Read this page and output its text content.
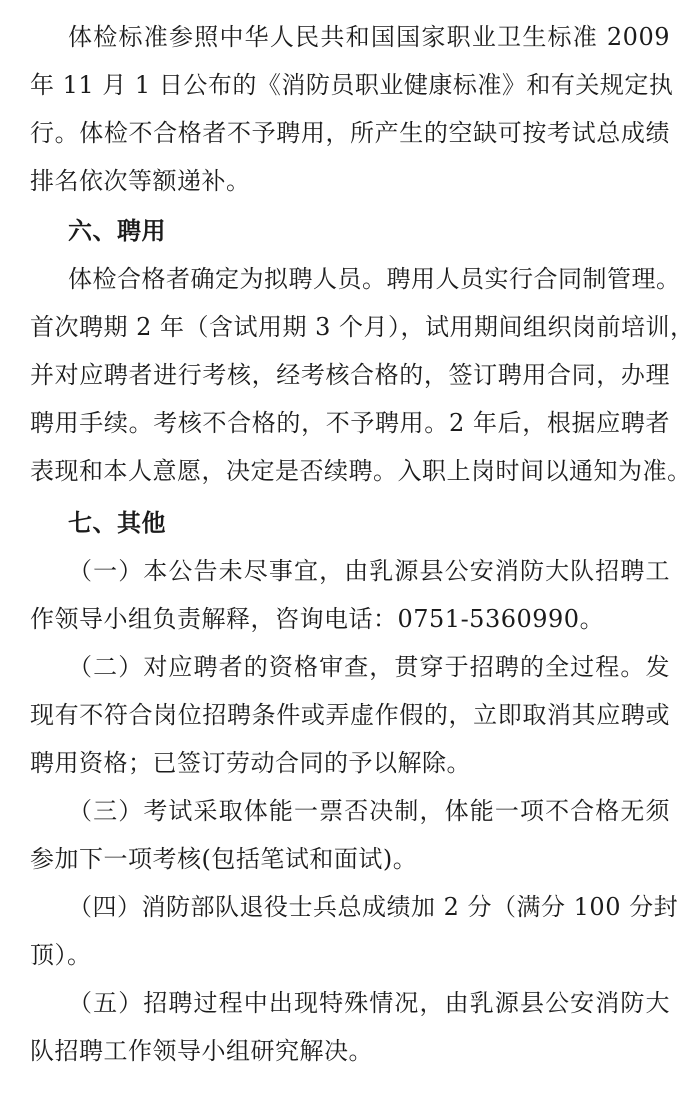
体检标准参照中华人民共和国国家职业卫生标准 2009
年 11 月 1 日公布的《消防员职业健康标准》和有关规定执
行。体检不合格者不予聘用，所产生的空缺可按考试总成绩
排名依次等额递补。
六、聘用
体检合格者确定为拟聘人员。聘用人员实行合同制管理。
首次聘期 2 年（含试用期 3 个月），试用期间组织岗前培训，
并对应聘者进行考核，经考核合格的，签订聘用合同，办理
聘用手续。考核不合格的，不予聘用。2 年后，根据应聘者
表现和本人意愿，决定是否续聘。入职上岗时间以通知为准。
七、其他
（一）本公告未尽事宜，由乳源县公安消防大队招聘工
作领导小组负责解释，咨询电话：0751-5360990。
（二）对应聘者的资格审查，贯穿于招聘的全过程。发
现有不符合岗位招聘条件或弄虚作假的，立即取消其应聘或
聘用资格；已签订劳动合同的予以解除。
（三）考试采取体能一票否决制，体能一项不合格无须
参加下一项考核(包括笔试和面试)。
（四）消防部队退役士兵总成绩加 2 分（满分 100 分封
顶）。
（五）招聘过程中出现特殊情况，由乳源县公安消防大
队招聘工作领导小组研究解决。
